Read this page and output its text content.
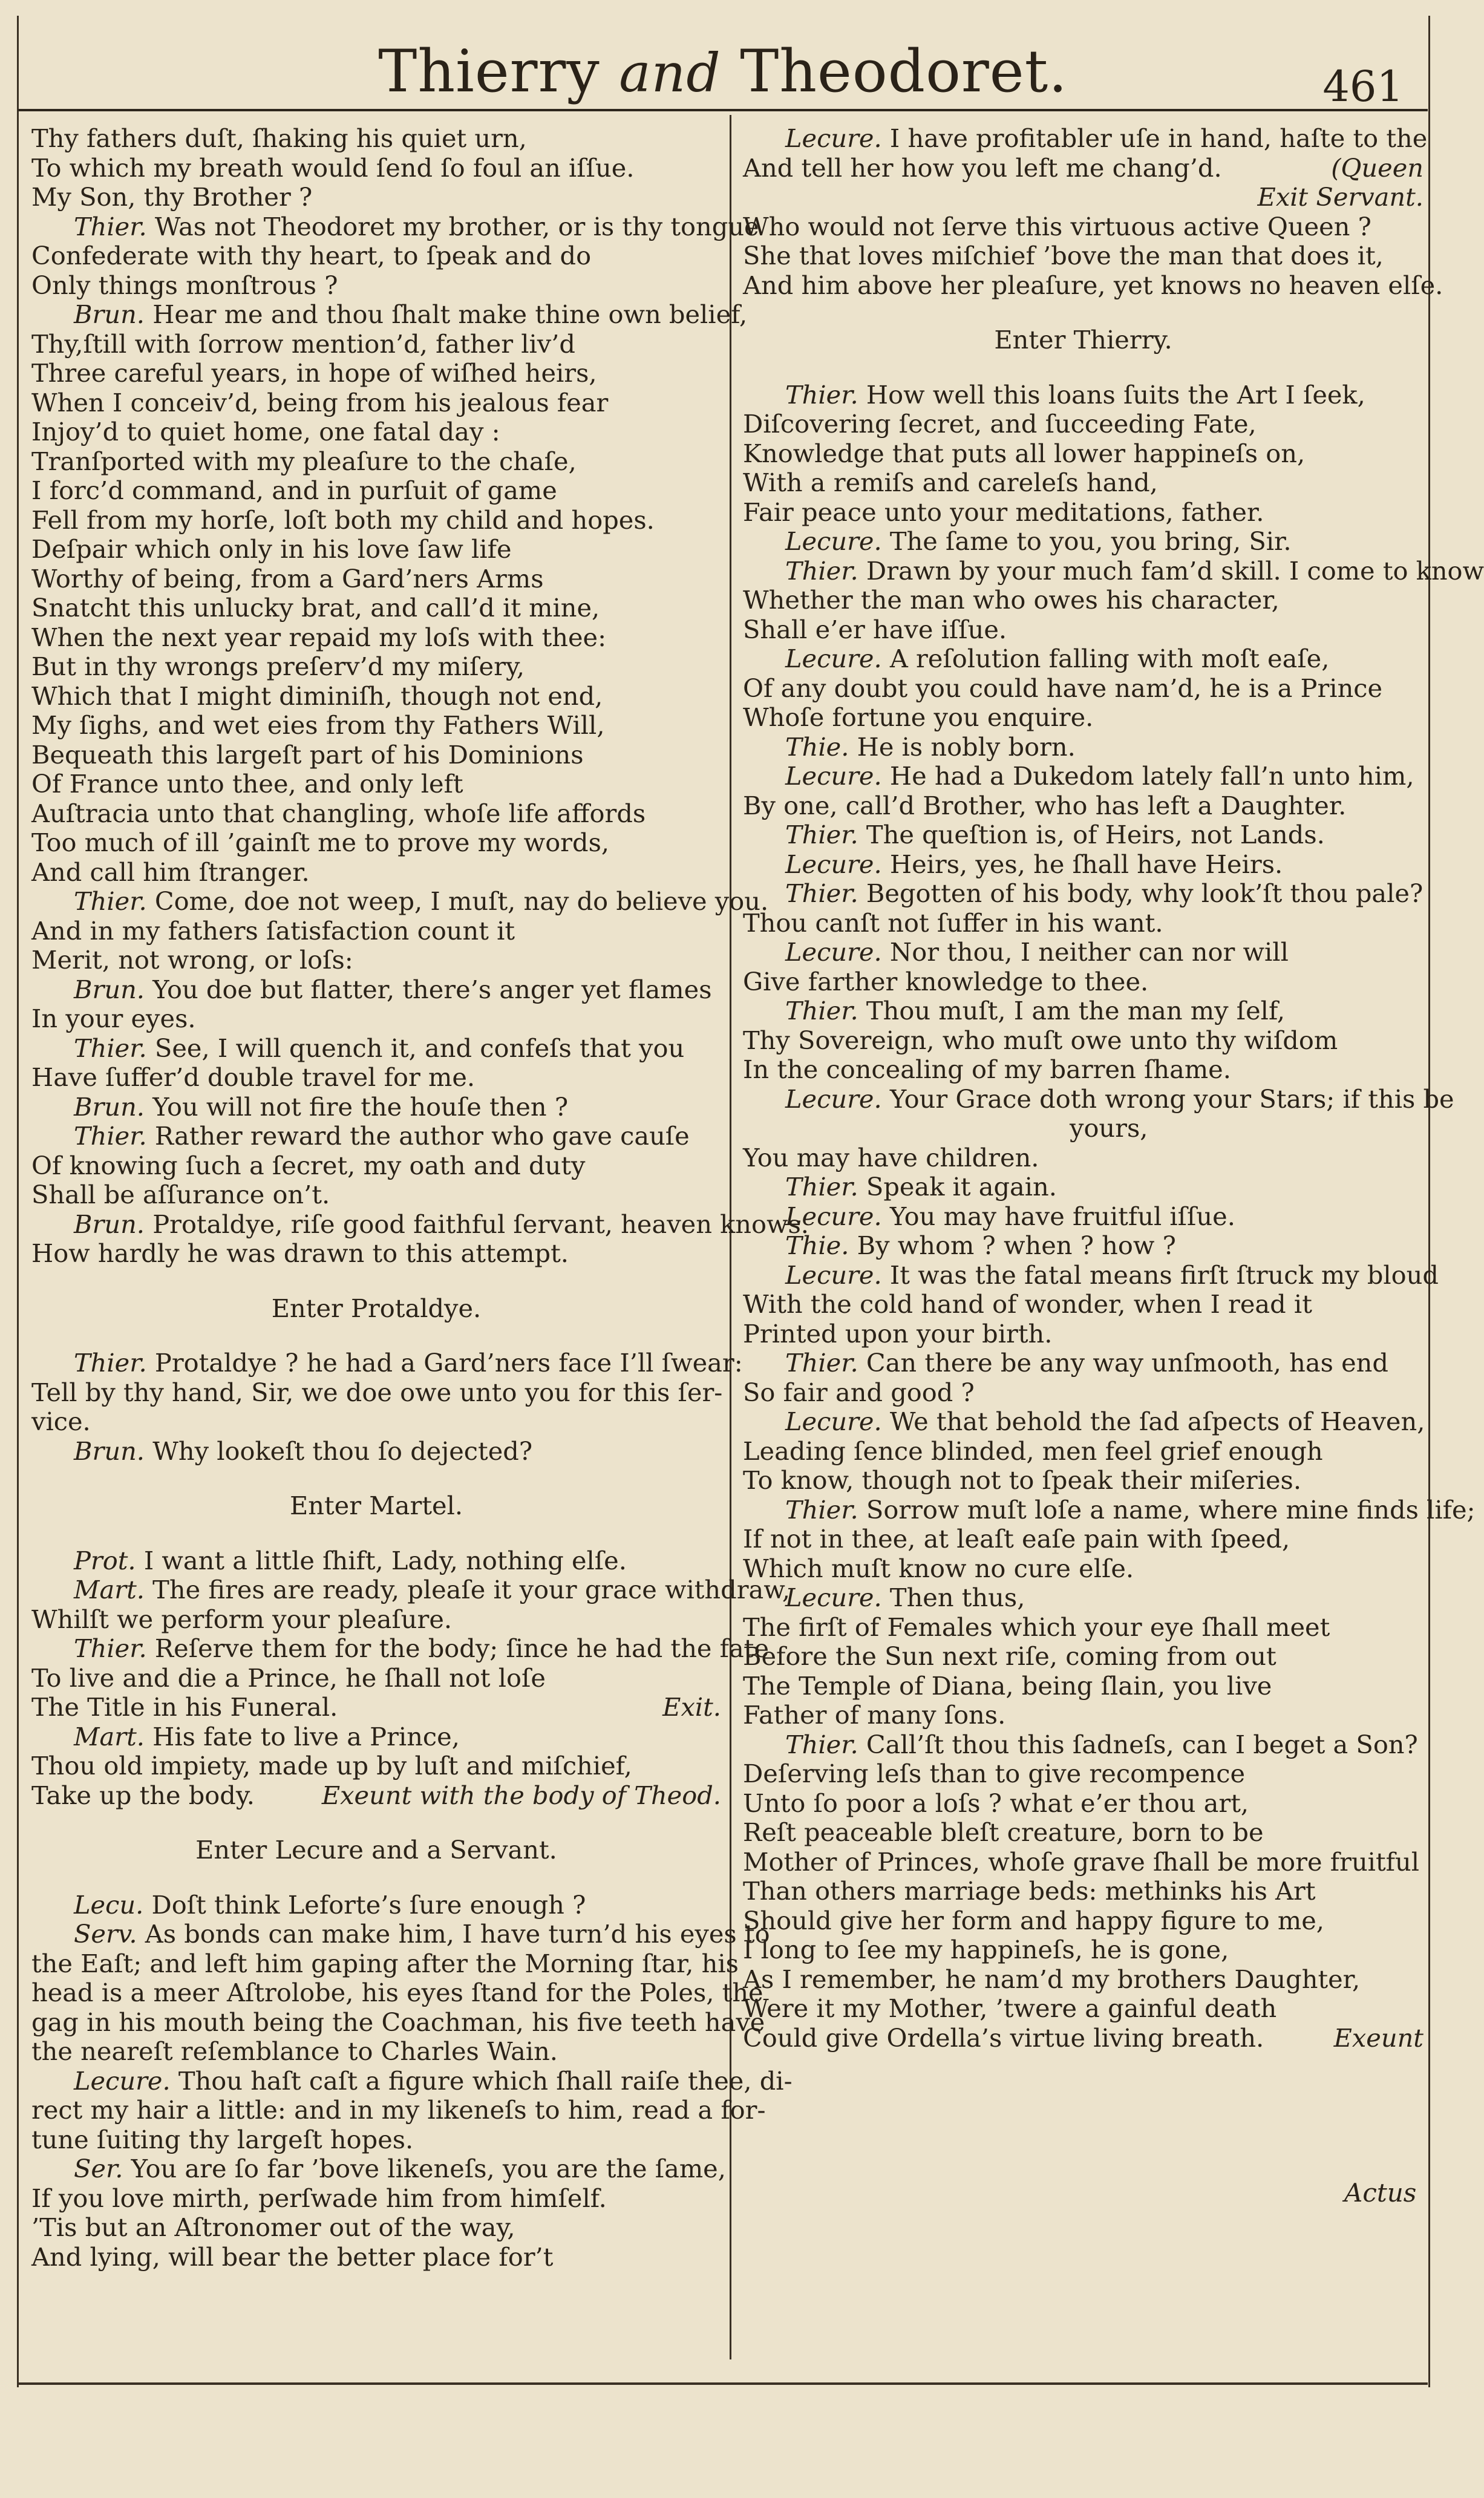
Thierry and Theodoret.	461
Thy fathers duſt, ſhaking his quiet urn,
To which my breath would ſend ſo foul an iſſue.
My Son, thy Brother ?
Thier. Was not Theodoret my brother, or is thy tongue
Confederate with thy heart, to ſpeak and do
Only things monſtrous ?
Brun. Hear me and thou ſhalt make thine own belief,
Thy,ſtill with ſorrow mention’d, father liv’d
Three careful years, in hope of wiſhed heirs,
When I conceiv’d, being from his jealous fear
Injoy’d to quiet home, one fatal day :
Tranſported with my pleaſure to the chaſe,
I forc’d command, and in purſuit of game
Fell from my horſe, loſt both my child and hopes.
Deſpair which only in his love ſaw life
Worthy of being, from a Gard’ners Arms
Snatcht this unlucky brat, and call’d it mine,
When the next year repaid my loſs with thee:
But in thy wrongs preſerv’d my miſery,
Which that I might diminiſh, though not end,
My ſighs, and wet eies from thy Fathers Will,
Bequeath this largeſt part of his Dominions
Of France unto thee, and only left
Auſtracia unto that changling, whoſe life affords
Too much of ill ’gainſt me to prove my words,
And call him ſtranger.
Thier. Come, doe not weep, I muſt, nay do believe you.
And in my fathers ſatisfaction count it
Merit, not wrong, or loſs:
Brun. You doe but flatter, there’s anger yet flames
In your eyes.
Thier. See, I will quench it, and confeſs that you
Have ſuffer’d double travel for me.
Brun. You will not fire the houſe then ?
Thier. Rather reward the author who gave cauſe
Of knowing ſuch a ſecret, my oath and duty
Shall be aſſurance on’t.
Brun. Protaldye, riſe good faithful ſervant, heaven knows.
How hardly he was drawn to this attempt.
Enter Protaldye.
Thier. Protaldye ? he had a Gard’ners face I’ll ſwear:
Tell by thy hand, Sir, we doe owe unto you for this ſer-
vice.
Brun. Why lookeſt thou ſo dejected?
Enter Martel.
Prot. I want a little ſhift, Lady, nothing elſe.
Mart. The fires are ready, pleaſe it your grace withdraw,
Whilſt we perform your pleaſure.
Thier. Reſerve them for the body; ſince he had the fate
To live and die a Prince, he ſhall not loſe
The Title in his Funeral.	Exit.
Mart. His fate to live a Prince,
Thou old impiety, made up by luſt and miſchief,
Take up the body.	Exeunt with the body of Theod.
Enter Lecure and a Servant.
Lecu. Doſt think Leforte’s ſure enough ?
Serv. As bonds can make him, I have turn’d his eyes to
the Eaſt; and left him gaping after the Morning ſtar, his
head is a meer Aſtrolobe, his eyes ſtand for the Poles, the
gag in his mouth being the Coachman, his five teeth have
the neareſt reſemblance to Charles Wain.
Lecure. Thou haſt caſt a figure which ſhall raiſe thee, di-
rect my hair a little: and in my likeneſs to him, read a for-
tune ſuiting thy largeſt hopes.
Ser. You are ſo far ’bove likeneſs, you are the ſame,
If you love mirth, perſwade him from himſelf.
’Tis but an Aſtronomer out of the way,
And lying, will bear the better place for’t
Lecure. I have profitabler uſe in hand, haſte to the
And tell her how you left me chang’d.	(Queen
Exit Servant.
Who would not ſerve this virtuous active Queen ?
She that loves miſchief ’bove the man that does it,
And him above her pleaſure, yet knows no heaven elſe.
Enter Thierry.
Thier. How well this loans ſuits the Art I ſeek,
Diſcovering ſecret, and ſucceeding Fate,
Knowledge that puts all lower happineſs on,
With a remiſs and careleſs hand,
Fair peace unto your meditations, father.
Lecure. The ſame to you, you bring, Sir.
Thier. Drawn by your much fam’d skill. I come to know
Whether the man who owes his character,
Shall e’er have iſſue.
Lecure. A reſolution falling with moſt eaſe,
Of any doubt you could have nam’d, he is a Prince
Whoſe fortune you enquire.
Thie. He is nobly born.
Lecure. He had a Dukedom lately fall’n unto him,
By one, call’d Brother, who has left a Daughter.
Thier. The queſtion is, of Heirs, not Lands.
Lecure. Heirs, yes, he ſhall have Heirs.
Thier. Begotten of his body, why look’ſt thou pale?
Thou canſt not ſuffer in his want.
Lecure. Nor thou, I neither can nor will
Give farther knowledge to thee.
Thier. Thou muſt, I am the man my ſelf,
Thy Sovereign, who muſt owe unto thy wiſdom
In the concealing of my barren ſhame.
Lecure. Your Grace doth wrong your Stars; if this be
yours,
You may have children.
Thier. Speak it again.
Lecure. You may have fruitful iſſue.
Thie. By whom ? when ? how ?
Lecure. It was the fatal means firſt ſtruck my bloud
With the cold hand of wonder, when I read it
Printed upon your birth.
Thier. Can there be any way unſmooth, has end
So fair and good ?
Lecure. We that behold the ſad aſpects of Heaven,
Leading ſence blinded, men feel grief enough
To know, though not to ſpeak their miſeries.
Thier. Sorrow muſt loſe a name, where mine finds life;
If not in thee, at leaſt eaſe pain with ſpeed,
Which muſt know no cure elſe.
Lecure. Then thus,
The firſt of Females which your eye ſhall meet
Before the Sun next riſe, coming from out
The Temple of Diana, being ſlain, you live
Father of many ſons.
Thier. Call’ſt thou this ſadneſs, can I beget a Son?
Deſerving leſs than to give recompence
Unto ſo poor a loſs ? what e’er thou art,
Reſt peaceable bleſt creature, born to be
Mother of Princes, whoſe grave ſhall be more fruitful
Than others marriage beds: methinks his Art
Should give her form and happy figure to me,
I long to ſee my happineſs, he is gone,
As I remember, he nam’d my brothers Daughter,
Were it my Mother, ’twere a gainful death
Could give Ordella’s virtue living breath.	Exeunt
Actus
